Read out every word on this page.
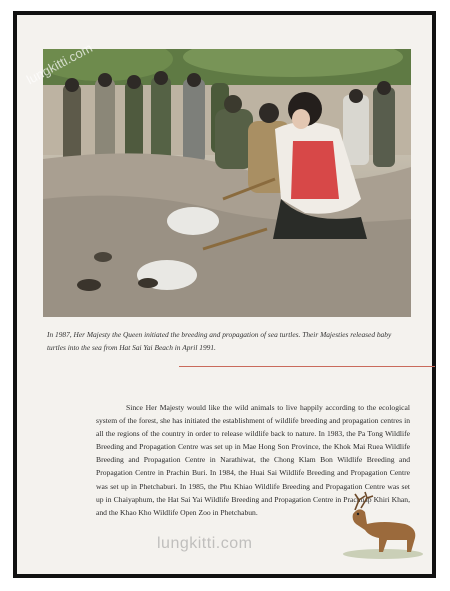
In 1987, Her Majesty the Queen initiated the breeding and propagation of sea turtles. Their Majesties released baby turtles into the sea from Hat Sai Yai Beach in April 1991.
Since Her Majesty would like the wild animals to live happily according to the ecological system of the forest, she has initiated the establishment of wildlife breeding and propagation centres in all the regions of the country in order to release wildlife back to nature. In 1983, the Pa Tong Wildlife Breeding and Propagation Centre was set up in Mae Hong Son Province, the Khok Mai Ruea Wildlife Breeding and Propagation Centre in Narathiwat, the Chong Klam Bon Wildlife Breeding and Propagation Centre in Prachin Buri. In 1984, the Huai Sai Wildlife Breeding and Propagation Centre was set up in Phetchaburi. In 1985, the Phu Khiao Wildlife Breeding and Propagation Centre was set up in Chaiyaphum, the Hat Sai Yai Wildlife Breeding and Propagation Centre in Prachuap Khiri Khan, and the Khao Kho Wildlife Open Zoo in Phetchabun.
lungkitti.com
lungkitti.com
